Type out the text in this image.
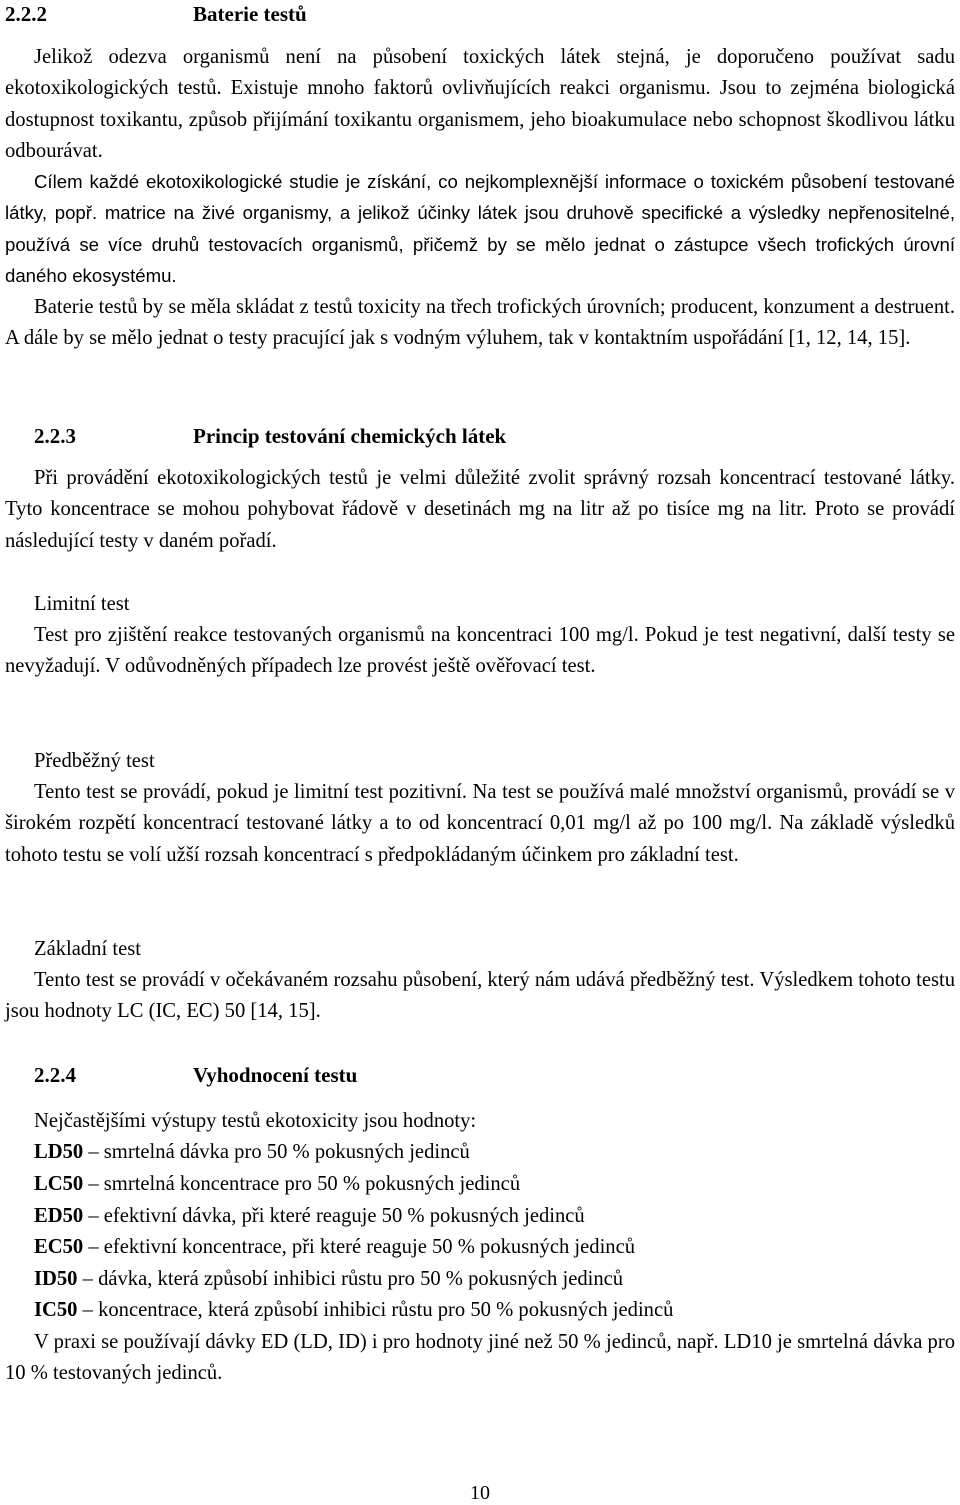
2.2.2	Baterie testů

Jelikož odezva organismů není na působení toxických látek stejná, je doporučeno používat sadu ekotoxikologických testů. Existuje mnoho faktorů ovlivňujících reakci organismu. Jsou to zejména biologická dostupnost toxikantu, způsob přijímání toxikantu organismem, jeho bioakumulace nebo schopnost škodlivou látku odbourávat.

Cílem každé ekotoxikologické studie je získání, co nejkomplexnější informace o toxickém působení testované látky, popř. matrice na živé organismy, a jelikož účinky látek jsou druhově specifické a výsledky nepřenositelné, používá se více druhů testovacích organismů, přičemž by se mělo jednat o zástupce všech trofických úrovní daného ekosystému.

Baterie testů by se měla skládat z testů toxicity na třech trofických úrovních; producent, konzument a destruent. A dále by se mělo jednat o testy pracující jak s vodným výluhem, tak v kontaktním uspořádání [1, 12, 14, 15].

2.2.3	Princip testování chemických látek

Při provádění ekotoxikologických testů je velmi důležité zvolit správný rozsah koncentrací testované látky. Tyto koncentrace se mohou pohybovat řádově v desetinách mg na litr až po tisíce mg na litr. Proto se provádí následující testy v daném pořadí.

Limitní test

Test pro zjištění reakce testovaných organismů na koncentraci 100 mg/l. Pokud je test negativní, další testy se nevyžadují. V odůvodněných případech lze provést ještě ověřovací test.

Předběžný test

Tento test se provádí, pokud je limitní test pozitivní. Na test se používá malé množství organismů, provádí se v širokém rozpětí koncentrací testované látky a to od koncentrací 0,01 mg/l až po 100 mg/l. Na základě výsledků tohoto testu se volí užší rozsah koncentrací s předpokládaným účinkem pro základní test.

Základní test

Tento test se provádí v očekávaném rozsahu působení, který nám udává předběžný test. Výsledkem tohoto testu jsou hodnoty LC (IC, EC) 50 [14, 15].

2.2.4	Vyhodnocení testu
Nejčastějšími výstupy testů ekotoxicity jsou hodnoty:
LD50 – smrtelná dávka pro 50 % pokusných jedinců
LC50 – smrtelná koncentrace pro 50 % pokusných jedinců
ED50 – efektivní dávka, při které reaguje 50 % pokusných jedinců
EC50 – efektivní koncentrace, při které reaguje 50 % pokusných jedinců
ID50 – dávka, která způsobí inhibici růstu pro 50 % pokusných jedinců
IC50 – koncentrace, která způsobí inhibici růstu pro 50 % pokusných jedinců

V praxi se používají dávky ED (LD, ID) i pro hodnoty jiné než 50 % jedinců, např. LD10 je smrtelná dávka pro 10 % testovaných jedinců.

10
